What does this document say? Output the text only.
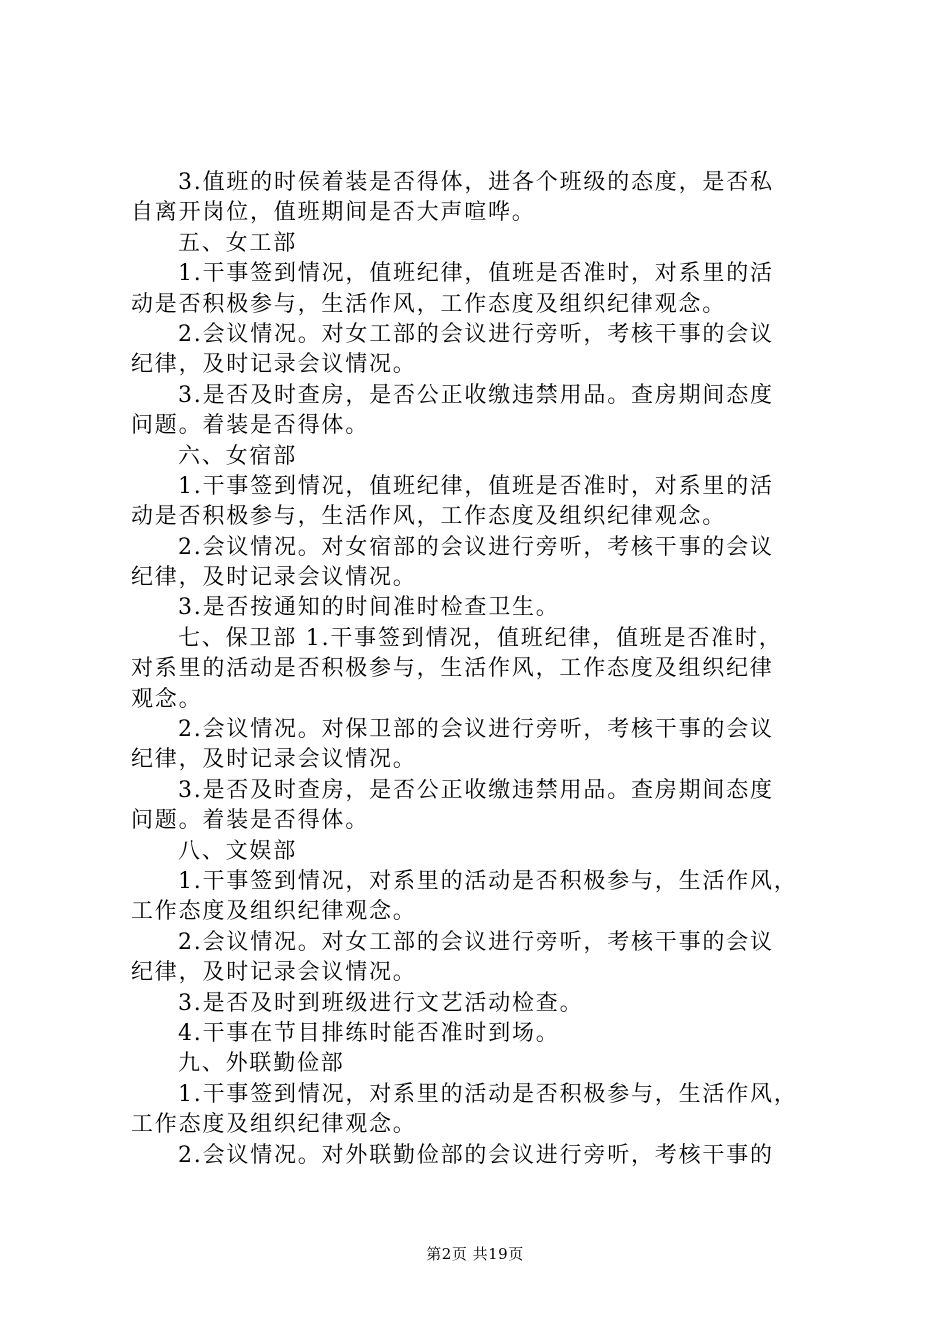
3.值班的时侯着装是否得体，进各个班级的态度，是否私
自离开岗位，值班期间是否大声喧哗。
五、女工部
1.干事签到情况，值班纪律，值班是否准时，对系里的活
动是否积极参与，生活作风，工作态度及组织纪律观念。
2.会议情况。对女工部的会议进行旁听，考核干事的会议
纪律，及时记录会议情况。
3.是否及时查房，是否公正收缴违禁用品。查房期间态度
问题。着装是否得体。
六、女宿部
1.干事签到情况，值班纪律，值班是否准时，对系里的活
动是否积极参与，生活作风，工作态度及组织纪律观念。
2.会议情况。对女宿部的会议进行旁听，考核干事的会议
纪律，及时记录会议情况。
3.是否按通知的时间准时检查卫生。
七、保卫部 1.干事签到情况，值班纪律，值班是否准时，
对系里的活动是否积极参与，生活作风，工作态度及组织纪律
观念。
2.会议情况。对保卫部的会议进行旁听，考核干事的会议
纪律，及时记录会议情况。
3.是否及时查房，是否公正收缴违禁用品。查房期间态度
问题。着装是否得体。
八、文娱部
1.干事签到情况，对系里的活动是否积极参与，生活作风，
工作态度及组织纪律观念。
2.会议情况。对女工部的会议进行旁听，考核干事的会议
纪律，及时记录会议情况。
3.是否及时到班级进行文艺活动检查。
4.干事在节目排练时能否准时到场。
九、外联勤俭部
1.干事签到情况，对系里的活动是否积极参与，生活作风，
工作态度及组织纪律观念。
2.会议情况。对外联勤俭部的会议进行旁听，考核干事的
第2页 共19页
